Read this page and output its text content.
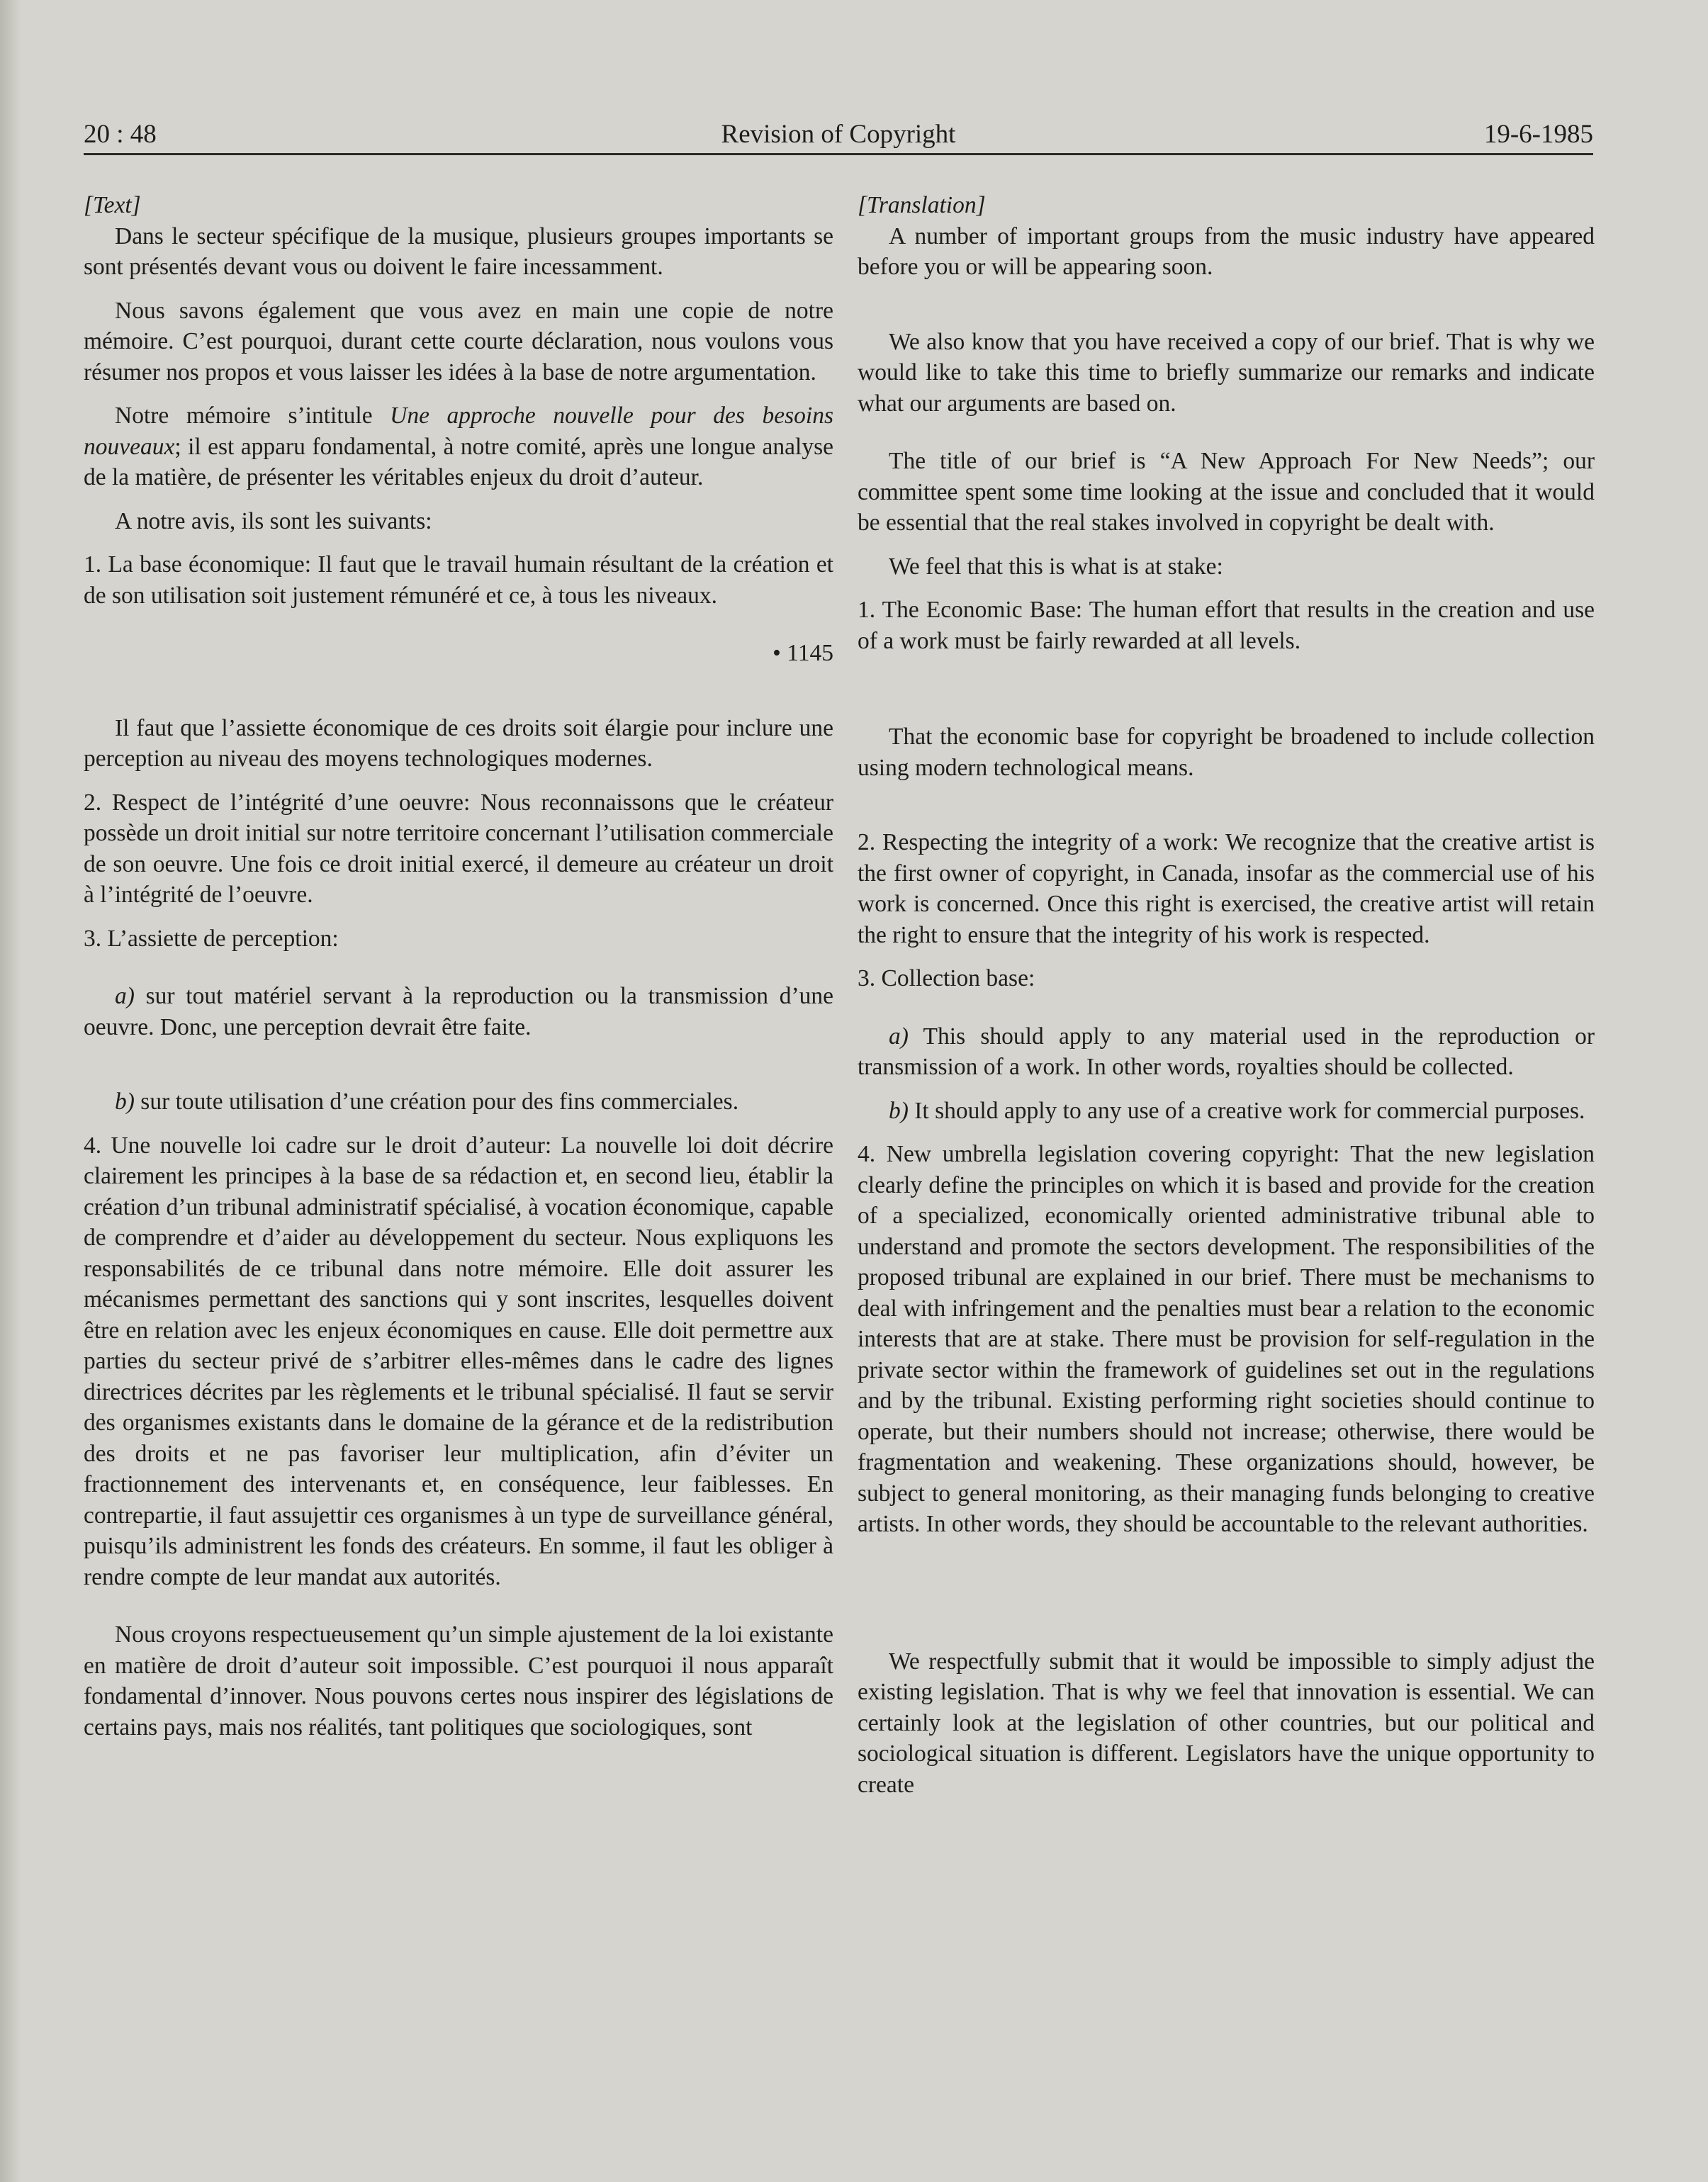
20 : 48	Revision of Copyright	19-6-1985

[Text]

Dans le secteur spécifique de la musique, plusieurs groupes importants se sont présentés devant vous ou doivent le faire incessamment.

Nous savons également que vous avez en main une copie de notre mémoire. C’est pourquoi, durant cette courte déclaration, nous voulons vous résumer nos propos et vous laisser les idées à la base de notre argumentation.

Notre mémoire s’intitule Une approche nouvelle pour des besoins nouveaux; il est apparu fondamental, à notre comité, après une longue analyse de la matière, de présenter les véritables enjeux du droit d’auteur.

A notre avis, ils sont les suivants:

1. La base économique: Il faut que le travail humain résultant de la création et de son utilisation soit justement rémunéré et ce, à tous les niveaux.

• 1145

Il faut que l’assiette économique de ces droits soit élargie pour inclure une perception au niveau des moyens technologiques modernes.

2. Respect de l’intégrité d’une oeuvre: Nous reconnaissons que le créateur possède un droit initial sur notre territoire concernant l’utilisation commerciale de son oeuvre. Une fois ce droit initial exercé, il demeure au créateur un droit à l’intégrité de l’oeuvre.

3. L’assiette de perception:

a) sur tout matériel servant à la reproduction ou la transmission d’une oeuvre. Donc, une perception devrait être faite.

b) sur toute utilisation d’une création pour des fins commerciales.

4. Une nouvelle loi cadre sur le droit d’auteur: La nouvelle loi doit décrire clairement les principes à la base de sa rédaction et, en second lieu, établir la création d’un tribunal administratif spécialisé, à vocation économique, capable de comprendre et d’aider au développement du secteur. Nous expliquons les responsabilités de ce tribunal dans notre mémoire. Elle doit assurer les mécanismes permettant des sanctions qui y sont inscrites, lesquelles doivent être en relation avec les enjeux économiques en cause. Elle doit permettre aux parties du secteur privé de s’arbitrer elles-mêmes dans le cadre des lignes directrices décrites par les règlements et le tribunal spécialisé. Il faut se servir des organismes existants dans le domaine de la gérance et de la redistribution des droits et ne pas favoriser leur multiplication, afin d’éviter un fractionnement des intervenants et, en conséquence, leur faiblesses. En contrepartie, il faut assujettir ces organismes à un type de surveillance général, puisqu’ils administrent les fonds des créateurs. En somme, il faut les obliger à rendre compte de leur mandat aux autorités.

Nous croyons respectueusement qu’un simple ajustement de la loi existante en matière de droit d’auteur soit impossible. C’est pourquoi il nous apparaît fondamental d’innover. Nous pouvons certes nous inspirer des législations de certains pays, mais nos réalités, tant politiques que sociologiques, sont

[Translation]

A number of important groups from the music industry have appeared before you or will be appearing soon.

We also know that you have received a copy of our brief. That is why we would like to take this time to briefly summarize our remarks and indicate what our arguments are based on.

The title of our brief is “A New Approach For New Needs”; our committee spent some time looking at the issue and concluded that it would be essential that the real stakes involved in copyright be dealt with.

We feel that this is what is at stake:

1. The Economic Base: The human effort that results in the creation and use of a work must be fairly rewarded at all levels.

That the economic base for copyright be broadened to include collection using modern technological means.

2. Respecting the integrity of a work: We recognize that the creative artist is the first owner of copyright, in Canada, insofar as the commercial use of his work is concerned. Once this right is exercised, the creative artist will retain the right to ensure that the integrity of his work is respected.

3. Collection base:

a) This should apply to any material used in the reproduction or transmission of a work. In other words, royalties should be collected.

b) It should apply to any use of a creative work for commercial purposes.

4. New umbrella legislation covering copyright: That the new legislation clearly define the principles on which it is based and provide for the creation of a specialized, economically oriented administrative tribunal able to understand and promote the sectors development. The responsibilities of the proposed tribunal are explained in our brief. There must be mechanisms to deal with infringement and the penalties must bear a relation to the economic interests that are at stake. There must be provision for self-regulation in the private sector within the framework of guidelines set out in the regulations and by the tribunal. Existing performing right societies should continue to operate, but their numbers should not increase; otherwise, there would be fragmentation and weakening. These organizations should, however, be subject to general monitoring, as their managing funds belonging to creative artists. In other words, they should be accountable to the relevant authorities.

We respectfully submit that it would be impossible to simply adjust the existing legislation. That is why we feel that innovation is essential. We can certainly look at the legislation of other countries, but our political and sociological situation is different. Legislators have the unique opportunity to create
